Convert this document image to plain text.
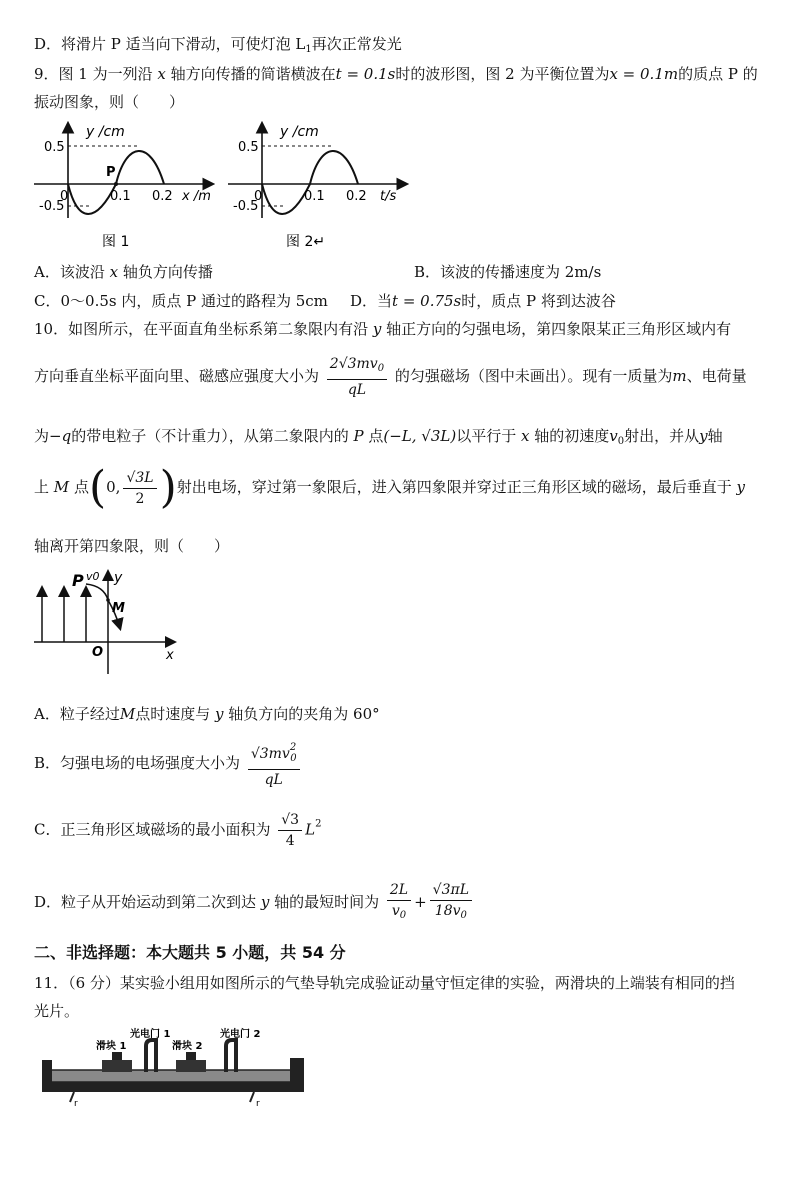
D．将滑片 P 适当向下滑动，可使灯泡 $L_1$再次正常发光
9．图 1 为一列沿 x 轴方向传播的简谐横波在t = 0.1s时的波形图，图 2 为平衡位置为x = 0.1m的质点 P 的
振动图象，则（　　）
y /cm
0.5
-0.5
0	0.1 0.2 x /m
P
图 1
y /cm
0.5
-0.5
0	0.1 0.2 t/s
图 2↵
A．该波沿 x 轴负方向传播	B．该波的传播速度为 2m/s
C．0～0.5s 内，质点 P 通过的路程为 5cm D．当t = 0.75s时，质点 P 将到达波谷
10．如图所示，在平面直角坐标系第二象限内有沿 y 轴正方向的匀强电场，第四象限某正三角形区域内有
方向垂直坐标平面向里、磁感应强度大小为 $\frac{2√3mv_0}{qL}$ 的匀强磁场（图中未画出）。现有一质量为m、电荷量
为−q的带电粒子（不计重力），从第二象限内的 P 点(−L, √3L)以平行于 x 轴的初速度$v_0$射出，并从y轴
上 M 点(0, $\frac{√3L}{2}$ )射出电场，穿过第一象限后，进入第四象限并穿过正三角形区域的磁场，最后垂直于 y
轴离开第四象限，则（　　）
P v0 y
M
O	x
A．粒子经过M点时速度与 y 轴负方向的夹角为 60°
B．匀强电场的电场强度大小为 $\frac{√3mv^2_0}{qL}$
C．正三角形区域磁场的最小面积为 $\frac{√3}{4} L^2$
D．粒子从开始运动到第二次到达 y 轴的最短时间为 $\frac{2L}{v_0} + \frac{√3\pi L}{18v_0}$
二、非选择题：本大题共 5 小题，共 54 分
11．（6 分）某实验小组用如图所示的气垫导轨完成验证动量守恒定律的实验，两滑块的上端装有相同的挡
光片。
滑块 1
光电门 1
滑块 2
光电门 2
r	r
